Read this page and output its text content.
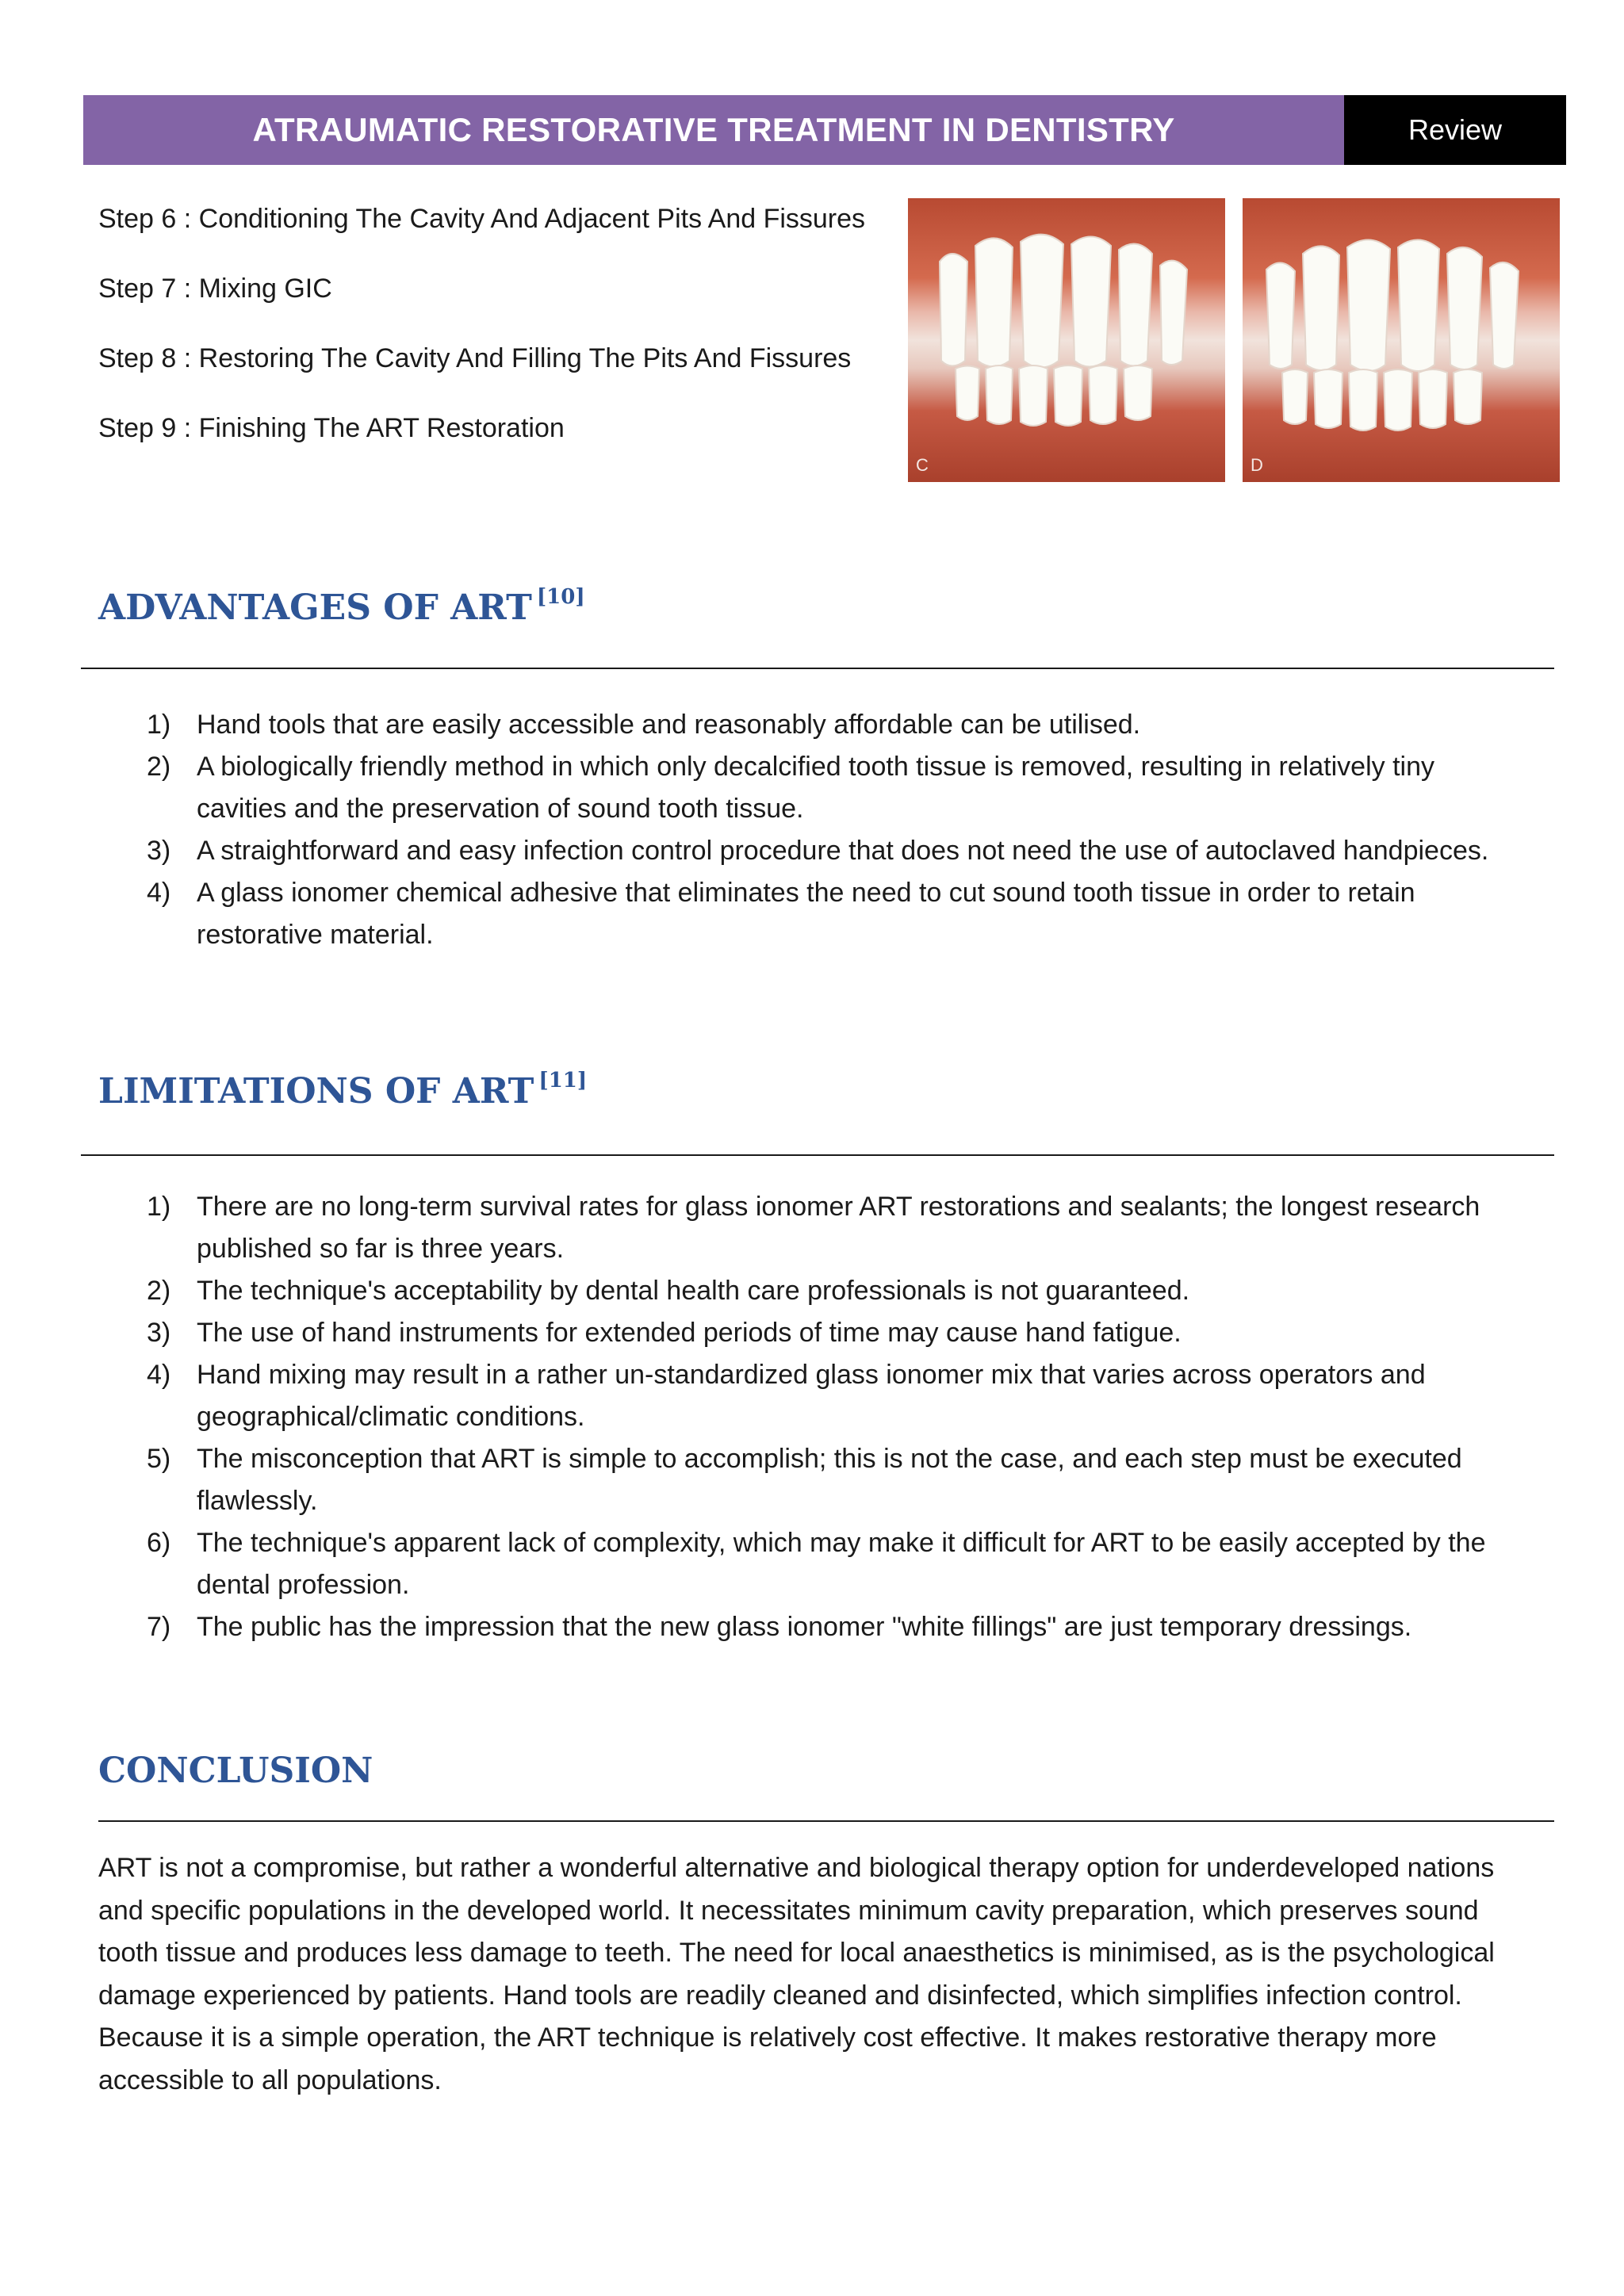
ATRAUMATIC RESTORATIVE TREATMENT IN DENTISTRY	Review
Step 6 : Conditioning The Cavity And Adjacent Pits And Fissures
Step 7 : Mixing GIC
Step 8 : Restoring The Cavity And Filling The Pits And Fissures
Step 9 : Finishing The ART Restoration
C	D
ADVANTAGES OF ART [10]
1) Hand tools that are easily accessible and reasonably affordable can be utilised.
2) A biologically friendly method in which only decalcified tooth tissue is removed, resulting in relatively tiny cavities and the preservation of sound tooth tissue.
3) A straightforward and easy infection control procedure that does not need the use of autoclaved handpieces.
4) A glass ionomer chemical adhesive that eliminates the need to cut sound tooth tissue in order to retain restorative material.
LIMITATIONS OF ART [11]
1) There are no long-term survival rates for glass ionomer ART restorations and sealants; the longest research published so far is three years.
2) The technique's acceptability by dental health care professionals is not guaranteed.
3) The use of hand instruments for extended periods of time may cause hand fatigue.
4) Hand mixing may result in a rather un-standardized glass ionomer mix that varies across operators and geographical/climatic conditions.
5) The misconception that ART is simple to accomplish; this is not the case, and each step must be executed flawlessly.
6) The technique's apparent lack of complexity, which may make it difficult for ART to be easily accepted by the dental profession.
7) The public has the impression that the new glass ionomer "white fillings" are just temporary dressings.
CONCLUSION

ART is not a compromise, but rather a wonderful alternative and biological therapy option for underdeveloped nations and specific populations in the developed world. It necessitates minimum cavity preparation, which preserves sound tooth tissue and produces less damage to teeth. The need for local anaesthetics is minimised, as is the psychological damage experienced by patients. Hand tools are readily cleaned and disinfected, which simplifies infection control. Because it is a simple operation, the ART technique is relatively cost effective. It makes restorative therapy more accessible to all populations.
